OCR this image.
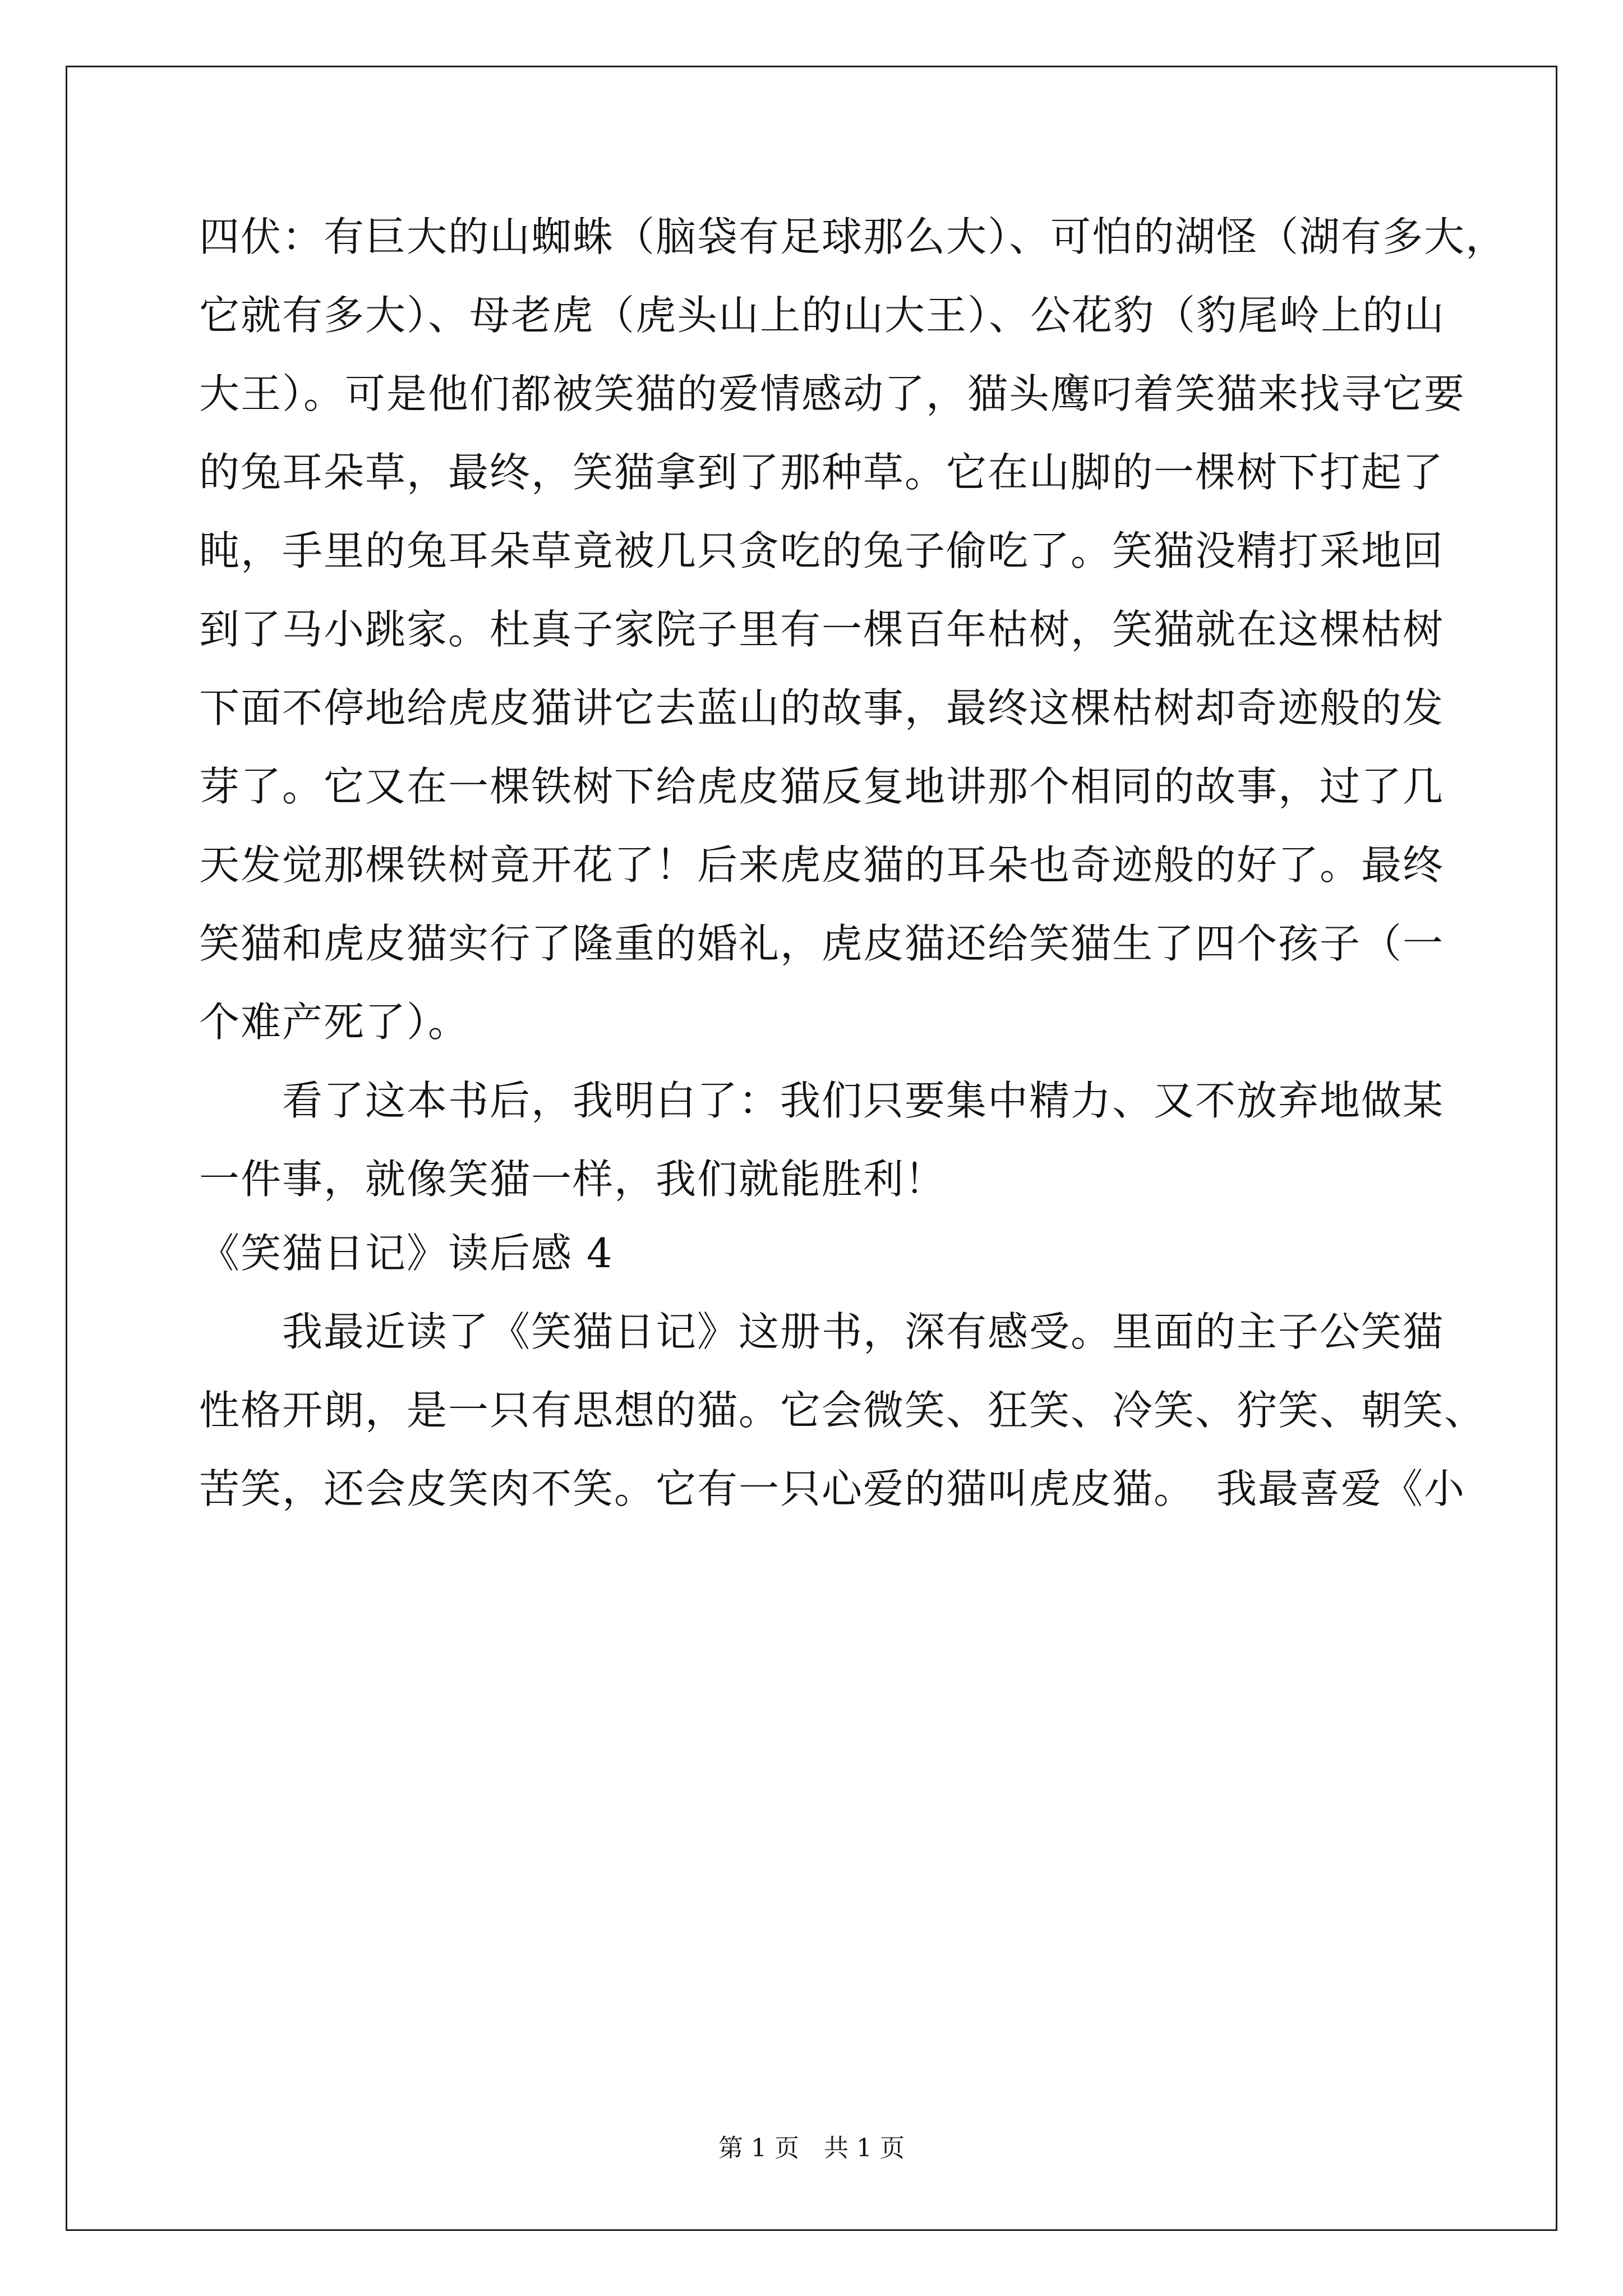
四伏：有巨大的山蜘蛛（脑袋有足球那么大）、可怕的湖怪（湖有多大，
它就有多大）、母老虎（虎头山上的山大王）、公花豹（豹尾岭上的山
大王）。可是他们都被笑猫的爱情感动了，猫头鹰叼着笑猫来找寻它要
的兔耳朵草，最终，笑猫拿到了那种草。它在山脚的一棵树下打起了
盹，手里的兔耳朵草竟被几只贪吃的兔子偷吃了。笑猫没精打采地回
到了马小跳家。杜真子家院子里有一棵百年枯树，笑猫就在这棵枯树
下面不停地给虎皮猫讲它去蓝山的故事，最终这棵枯树却奇迹般的发
芽了。它又在一棵铁树下给虎皮猫反复地讲那个相同的故事，过了几
天发觉那棵铁树竟开花了！后来虎皮猫的耳朵也奇迹般的好了。最终
笑猫和虎皮猫实行了隆重的婚礼，虎皮猫还给笑猫生了四个孩子（一
个难产死了）。
　　看了这本书后，我明白了：我们只要集中精力、又不放弃地做某
一件事，就像笑猫一样，我们就能胜利！
《笑猫日记》读后感 4
　　我最近读了《笑猫日记》这册书，深有感受。里面的主子公笑猫
性格开朗，是一只有思想的猫。它会微笑、狂笑、冷笑、狞笑、朝笑、
苦笑，还会皮笑肉不笑。它有一只心爱的猫叫虎皮猫。　我最喜爱《小
第 1 页　共 1 页
